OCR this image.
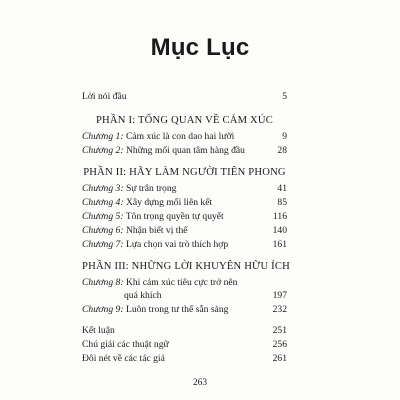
Mục Lục
Lời nói đầu	5
PHẦN I: TỔNG QUAN VỀ CẢM XÚC
Chương 1: Cảm xúc là con dao hai lưỡi	9
Chương 2: Những mối quan tâm hàng đầu	28
PHẦN II: HÃY LÀM NGƯỜI TIÊN PHONG
Chương 3: Sự trân trọng	41
Chương 4: Xây dựng mối liên kết	85
Chương 5: Tôn trọng quyền tự quyết	116
Chương 6: Nhận biết vị thế	140
Chương 7: Lựa chọn vai trò thích hợp	161
PHẦN III: NHỮNG LỜI KHUYÊN HỮU ÍCH
Chương 8: Khi cảm xúc tiêu cực trở nên
quá khích	197
Chương 9: Luôn trong tư thế sẵn sàng	232
Kết luận	251
Chú giải các thuật ngữ	256
Đôi nét về các tác giả	261
263
